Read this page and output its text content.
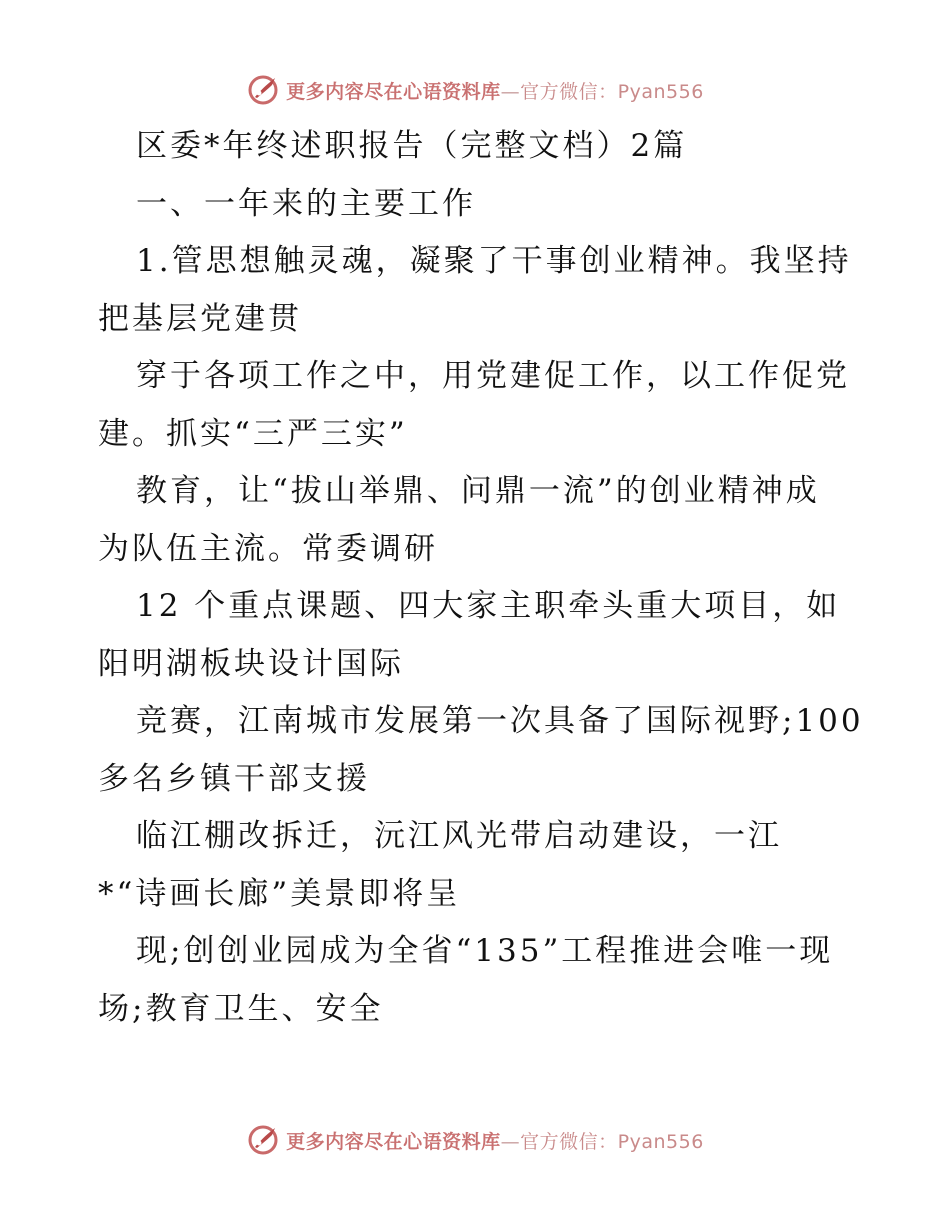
更多内容尽在心语资料库—官方微信：Pyan556
区委*年终述职报告（完整文档）2篇
一、一年来的主要工作
1.管思想触灵魂，凝聚了干事创业精神。我坚持
把基层党建贯
穿于各项工作之中，用党建促工作，以工作促党
建。抓实“三严三实”
教育，让“拔山举鼎、问鼎一流”的创业精神成
为队伍主流。常委调研
12 个重点课题、四大家主职牵头重大项目，如
阳明湖板块设计国际
竞赛，江南城市发展第一次具备了国际视野;100
多名乡镇干部支援
临江棚改拆迁，沅江风光带启动建设，一江
*“诗画长廊”美景即将呈
现;创创业园成为全省“135”工程推进会唯一现
场;教育卫生、安全
更多内容尽在心语资料库—官方微信：Pyan556
